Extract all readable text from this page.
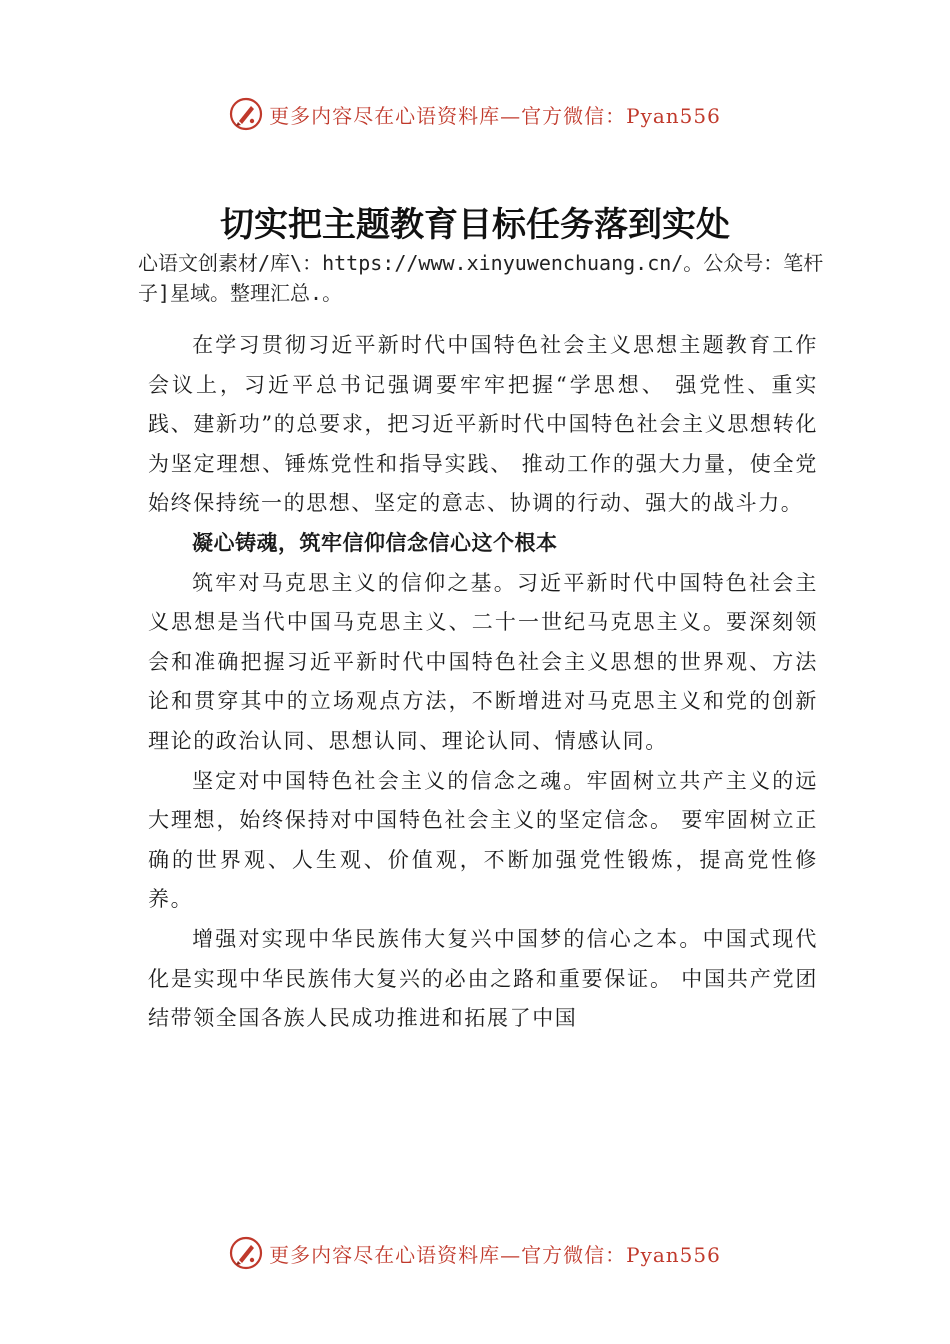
更多内容尽在心语资料库—官方微信：Pyan556
切实把主题教育目标任务落到实处

心语文创素材/库\：https://www.xinyuwenchuang.cn/。公众号：笔杆子]星域。整理汇总.。

在学习贯彻习近平新时代中国特色社会主义思想主题教育工作会议上，习近平总书记强调要牢牢把握“学思想、 强党性、重实践、建新功”的总要求，把习近平新时代中国特色社会主义思想转化为坚定理想、锤炼党性和指导实践、 推动工作的强大力量，使全党始终保持统一的思想、坚定的意志、协调的行动、强大的战斗力。

凝心铸魂，筑牢信仰信念信心这个根本

筑牢对马克思主义的信仰之基。习近平新时代中国特色社会主义思想是当代中国马克思主义、二十一世纪马克思主义。要深刻领会和准确把握习近平新时代中国特色社会主义思想的世界观、方法论和贯穿其中的立场观点方法，不断增进对马克思主义和党的创新理论的政治认同、思想认同、理论认同、情感认同。

坚定对中国特色社会主义的信念之魂。牢固树立共产主义的远大理想，始终保持对中国特色社会主义的坚定信念。 要牢固树立正确的世界观、人生观、价值观，不断加强党性锻炼，提高党性修养。

增强对实现中华民族伟大复兴中国梦的信心之本。中国式现代化是实现中华民族伟大复兴的必由之路和重要保证。 中国共产党团结带领全国各族人民成功推进和拓展了中国

更多内容尽在心语资料库—官方微信：Pyan556
